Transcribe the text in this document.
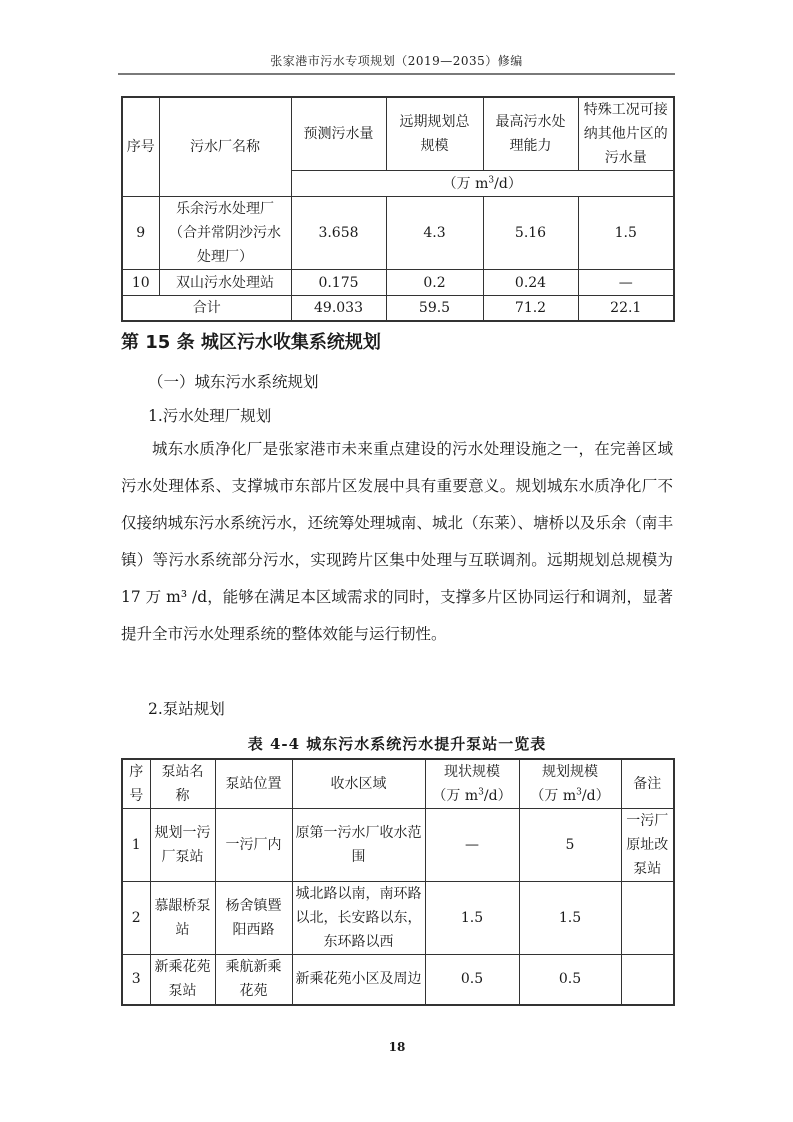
张家港市污水专项规划（2019—2035）修编
序号	污水厂名称	预测污水量	远期规划总规模	最高污水处理能力	特殊工况可接纳其他片区的污水量
		（万 $m^3/d$）			
9	乐余污水处理厂（合并常阴沙污水处理厂）	3.658	4.3	5.16	1.5
10	双山污水处理站	0.175	0.2	0.24	—
合计		49.033	59.5	71.2	22.1
第 15 条 城区污水收集系统规划
（一）城东污水系统规划
1.污水处理厂规划

城东水质净化厂是张家港市未来重点建设的污水处理设施之一，在完善区域污水处理体系、支撑城市东部片区发展中具有重要意义。规划城东水质净化厂不仅接纳城东污水系统污水，还统筹处理城南、城北（东莱）、塘桥以及乐余（南丰镇）等污水系统部分污水，实现跨片区集中处理与互联调剂。远期规划总规模为 17 万 m³ /d，能够在满足本区域需求的同时，支撑多片区协同运行和调剂，显著提升全市污水处理系统的整体效能与运行韧性。

2.泵站规划
表 4-4 城东污水系统污水提升泵站一览表
序号	泵站名称	泵站位置	收水区域	现状规模
（万 $m^3/d$）	规划规模
（万 $m^3/d$）	备注
1	规划一污厂泵站	一污厂内	原第一污水厂收水范围	—	5	一污厂原址改泵站
2	慕龈桥泵站	杨舍镇暨阳西路	城北路以南，南环路以北，长安路以东，东环路以西	1.5	1.5	
3	新乘花苑泵站	乘航新乘花苑	新乘花苑小区及周边	0.5	0.5	
18
